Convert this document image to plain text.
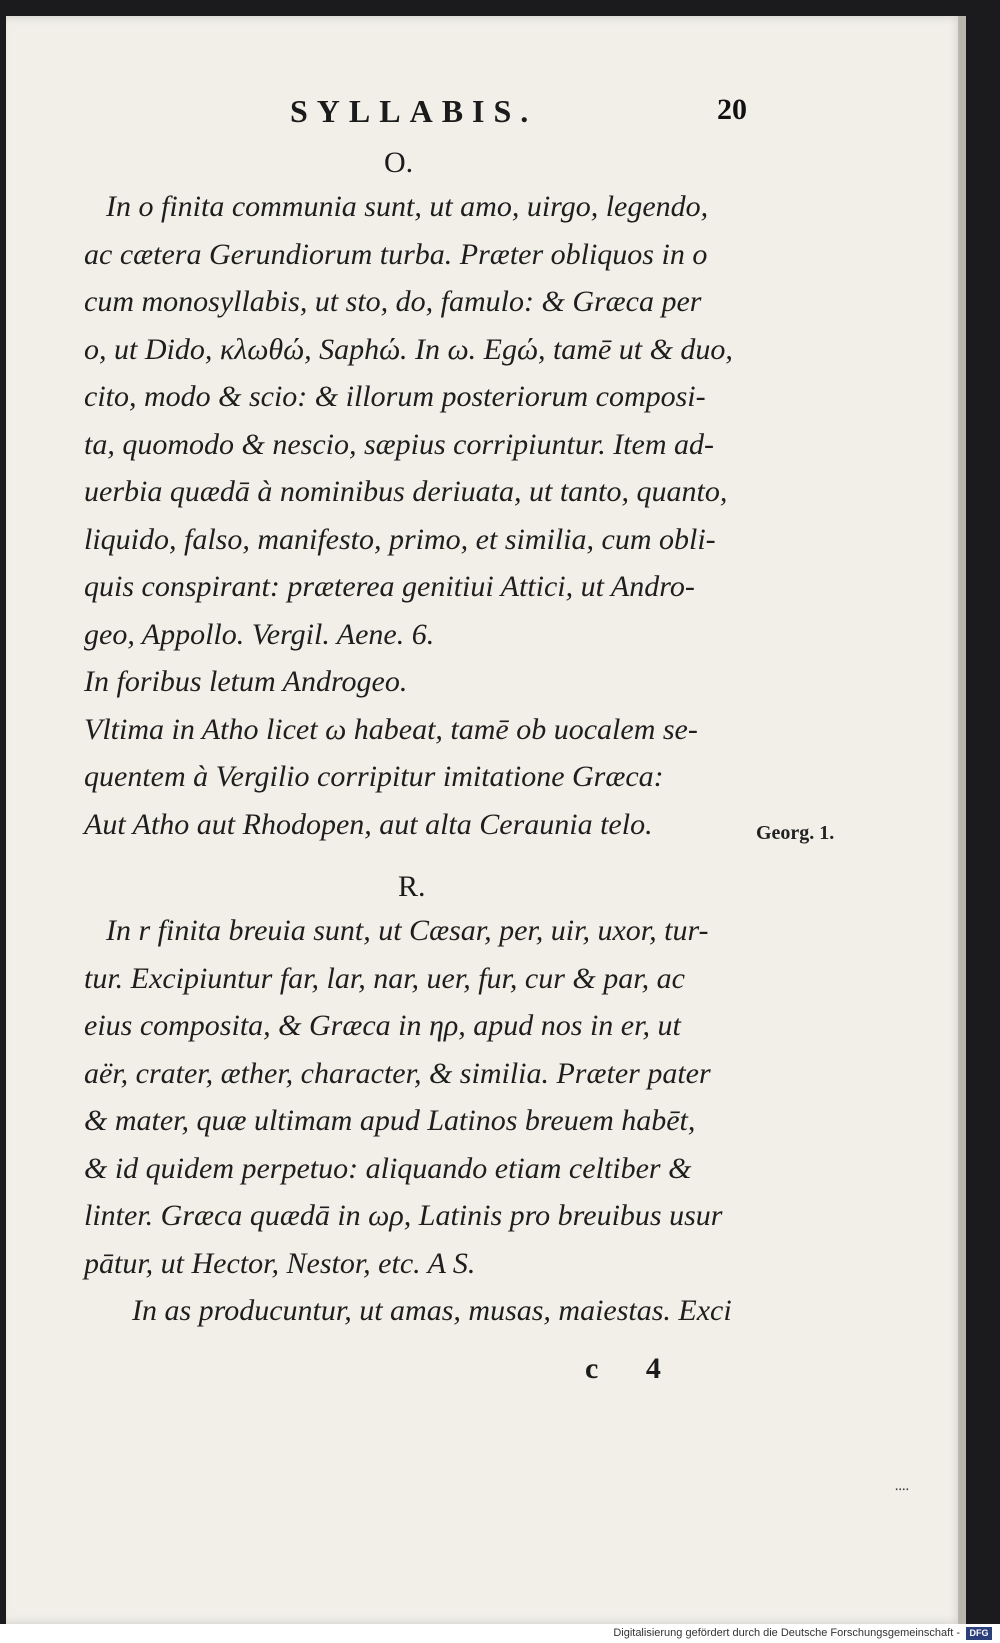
SYLLABIS.	20
O.
In o finita communia sunt, ut amo, uirgo, legendo,
ac cætera Gerundiorum turba. Præter obliquos in o
cum monosyllabis, ut sto, do, famulo: & Græca per
o, ut Dido, κλωθώ, Saphώ. In ω. Egώ, tamē ut & duo,
cito, modo & scio: & illorum posteriorum composi-
ta, quomodo & nescio, sæpius corripiuntur. Item ad-
uerbia quædā à nominibus deriuata, ut tanto, quanto,
liquido, falso, manifesto, primo, et similia, cum obli-
quis conspirant: præterea genitiui Attici, ut Andro-
geo, Appollo. Vergil. Aene. 6.
In foribus letum Androgeo.
Vltima in Atho licet ω habeat, tamē ob uocalem se-
quentem à Vergilio corripitur imitatione Græca:
Aut Atho aut Rhodopen, aut alta Ceraunia telo.	Georg. 1.
R.
In r finita breuia sunt, ut Cæsar, per, uir, uxor, tur-
tur. Excipiuntur far, lar, nar, uer, fur, cur & par, ac
eius composita, & Græca in ηρ, apud nos in er, ut
aër, crater, æther, character, & similia. Præter pater
& mater, quæ ultimam apud Latinos breuem habēt,
& id quidem perpetuo: aliquando etiam celtiber &
linter. Græca quædā in ωρ, Latinis pro breuibus usur
pātur, ut Hector, Nestor, etc. A S.
In as producuntur, ut amas, musas, maiestas. Exci
c 4
᠁
Digitalisierung gefördert durch die Deutsche Forschungsgemeinschaft -	DFG
